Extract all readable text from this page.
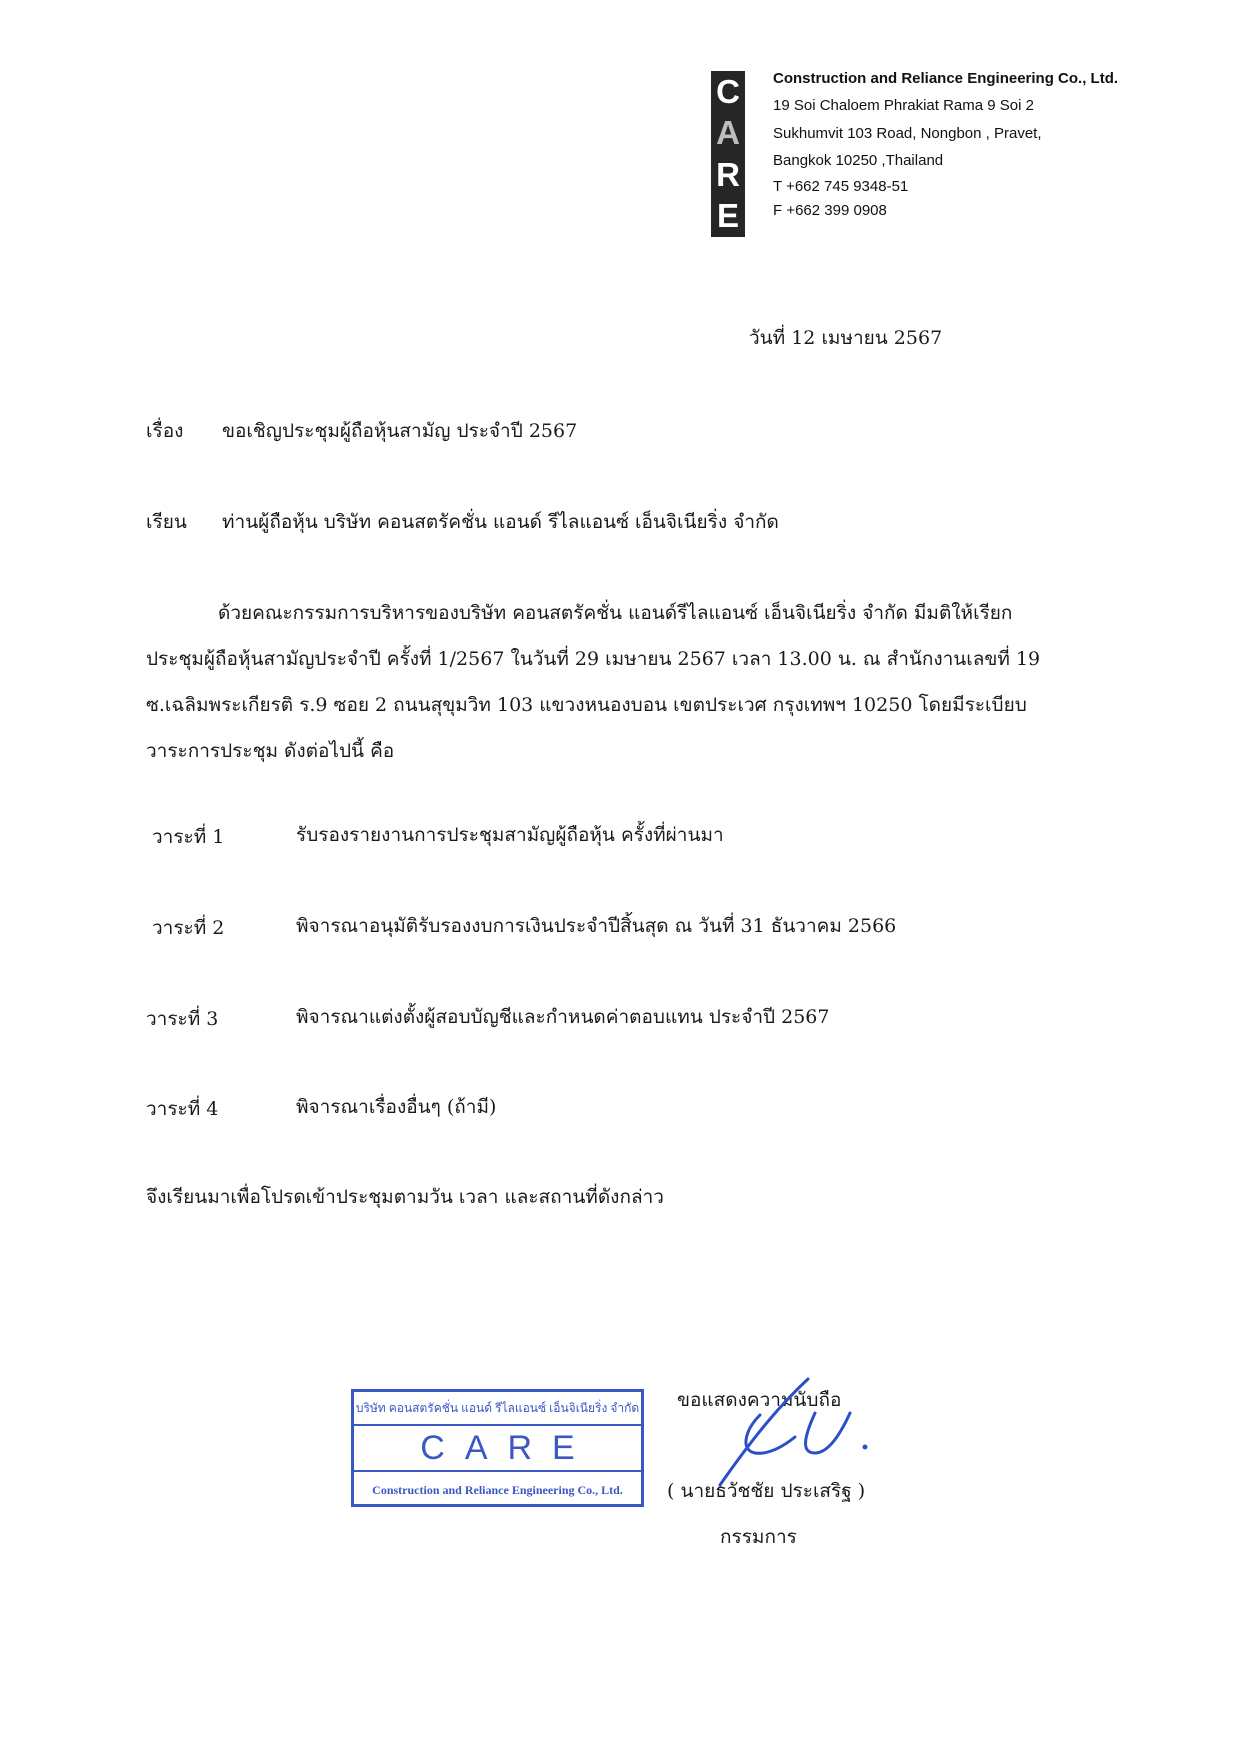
C
A
R
E
Construction and Reliance Engineering Co., Ltd.
19 Soi Chaloem Phrakiat Rama 9 Soi 2
Sukhumvit 103 Road, Nongbon , Pravet,
Bangkok 10250 ,Thailand
T +662 745 9348-51
F +662 399 0908
วันที่ 12 เมษายน 2567
เรื่อง ขอเชิญประชุมผู้ถือหุ้นสามัญ ประจำปี 2567
เรียน ท่านผู้ถือหุ้น บริษัท คอนสตรัคชั่น แอนด์ รีไลแอนซ์ เอ็นจิเนียริ่ง จำกัด

ด้วยคณะกรรมการบริหารของบริษัท คอนสตรัคชั่น แอนด์รีไลแอนซ์ เอ็นจิเนียริ่ง จำกัด มีมติให้เรียก

ประชุมผู้ถือหุ้นสามัญประจำปี ครั้งที่ 1/2567 ในวันที่ 29 เมษายน 2567 เวลา 13.00 น. ณ สำนักงานเลขที่ 19

ซ.เฉลิมพระเกียรติ ร.9 ซอย 2 ถนนสุขุมวิท 103 แขวงหนองบอน เขตประเวศ กรุงเทพฯ 10250 โดยมีระเบียบ

วาระการประชุม ดังต่อไปนี้ คือ

วาระที่ 1	รับรองรายงานการประชุมสามัญผู้ถือหุ้น ครั้งที่ผ่านมา
วาระที่ 2	พิจารณาอนุมัติรับรองงบการเงินประจำปีสิ้นสุด ณ วันที่ 31 ธันวาคม 2566
วาระที่ 3	พิจารณาแต่งตั้งผู้สอบบัญชีและกำหนดค่าตอบแทน ประจำปี 2567
วาระที่ 4	พิจารณาเรื่องอื่นๆ (ถ้ามี)
จึงเรียนมาเพื่อโปรดเข้าประชุมตามวัน เวลา และสถานที่ดังกล่าว
บริษัท คอนสตรัคชั่น แอนด์ รีไลแอนซ์ เอ็นจิเนียริ่ง จำกัด
CARE
Construction and Reliance Engineering Co., Ltd.
ขอแสดงความนับถือ
( นายธวัชชัย ประเสริฐ )
กรรมการ
